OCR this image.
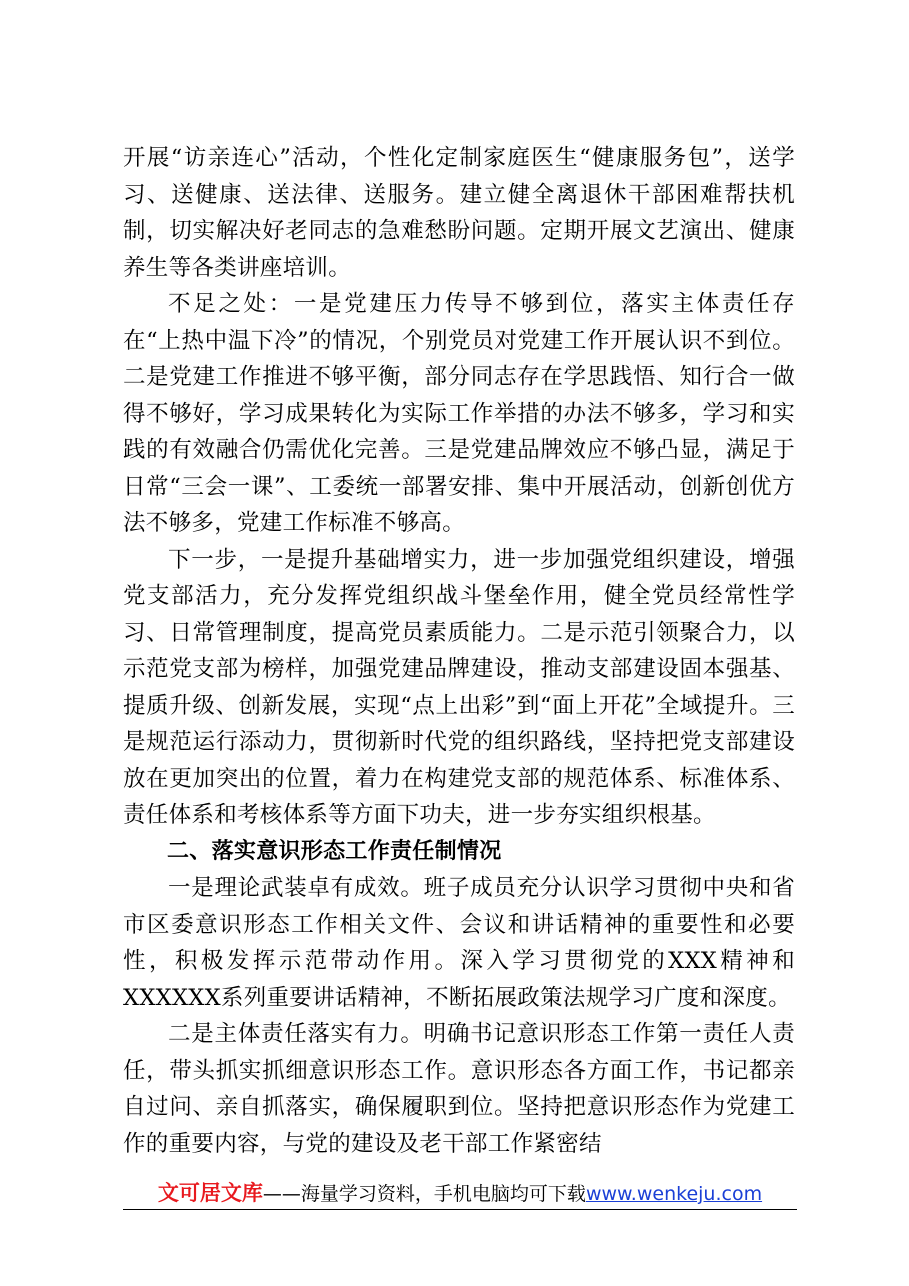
开展“访亲连心”活动，个性化定制家庭医生“健康服务包”，送学习、送健康、送法律、送服务。建立健全离退休干部困难帮扶机制，切实解决好老同志的急难愁盼问题。定期开展文艺演出、健康养生等各类讲座培训。

不足之处：一是党建压力传导不够到位，落实主体责任存在“上热中温下冷”的情况，个别党员对党建工作开展认识不到位。二是党建工作推进不够平衡，部分同志存在学思践悟、知行合一做得不够好，学习成果转化为实际工作举措的办法不够多，学习和实践的有效融合仍需优化完善。三是党建品牌效应不够凸显，满足于日常“三会一课”、工委统一部署安排、集中开展活动，创新创优方法不够多，党建工作标准不够高。

下一步，一是提升基础增实力，进一步加强党组织建设，增强党支部活力，充分发挥党组织战斗堡垒作用，健全党员经常性学习、日常管理制度，提高党员素质能力。二是示范引领聚合力，以示范党支部为榜样，加强党建品牌建设，推动支部建设固本强基、提质升级、创新发展，实现“点上出彩”到“面上开花”全域提升。三是规范运行添动力，贯彻新时代党的组织路线，坚持把党支部建设放在更加突出的位置，着力在构建党支部的规范体系、标准体系、责任体系和考核体系等方面下功夫，进一步夯实组织根基。

二、落实意识形态工作责任制情况

一是理论武装卓有成效。班子成员充分认识学习贯彻中央和省市区委意识形态工作相关文件、会议和讲话精神的重要性和必要性，积极发挥示范带动作用。深入学习贯彻党的XXX精神和XXXXXX系列重要讲话精神，不断拓展政策法规学习广度和深度。

二是主体责任落实有力。明确书记意识形态工作第一责任人责任，带头抓实抓细意识形态工作。意识形态各方面工作，书记都亲自过问、亲自抓落实，确保履职到位。坚持把意识形态作为党建工作的重要内容，与党的建设及老干部工作紧密结

文可居文库——海量学习资料，手机电脑均可下载www.wenkeju.com
